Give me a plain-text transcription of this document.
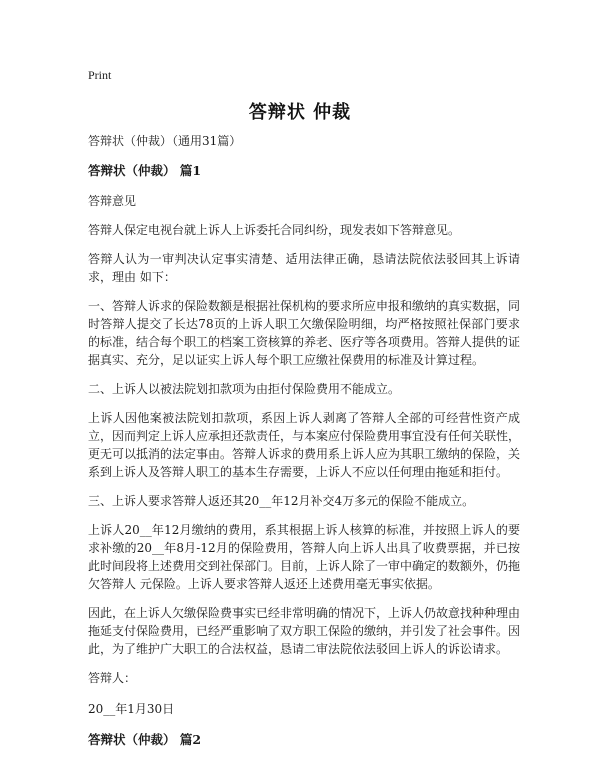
Print
答辩状 仲裁

答辩状（仲裁）（通用31篇）

答辩状（仲裁） 篇1

答辩意见

答辩人保定电视台就上诉人上诉委托合同纠纷，现发表如下答辩意见。

答辩人认为一审判决认定事实清楚、适用法律正确，恳请法院依法驳回其上诉请求，理由 如下：

一、答辩人诉求的保险数额是根据社保机构的要求所应申报和缴纳的真实数据，同时答辩人提交了长达78页的上诉人职工欠缴保险明细，均严格按照社保部门要求的标准，结合每个职工的档案工资核算的养老、医疗等各项费用。答辩人提供的证据真实、充分，足以证实上诉人每个职工应缴社保费用的标准及计算过程。

二、上诉人以被法院划扣款项为由拒付保险费用不能成立。

上诉人因他案被法院划扣款项，系因上诉人剥离了答辩人全部的可经营性资产成立，因而判定上诉人应承担还款责任，与本案应付保险费用事宜没有任何关联性，更无可以抵消的法定事由。答辩人诉求的费用系上诉人应为其职工缴纳的保险，关系到上诉人及答辩人职工的基本生存需要，上诉人不应以任何理由拖延和拒付。

三、上诉人要求答辩人返还其20__年12月补交4万多元的保险不能成立。

上诉人20__年12月缴纳的费用，系其根据上诉人核算的标准，并按照上诉人的要求补缴的20__年8月-12月的保险费用，答辩人向上诉人出具了收费票据，并已按此时间段将上述费用交到社保部门。目前，上诉人除了一审中确定的数额外，仍拖欠答辩人 元保险。上诉人要求答辩人返还上述费用毫无事实依据。

因此，在上诉人欠缴保险费事实已经非常明确的情况下，上诉人仍故意找种种理由拖延支付保险费用，已经严重影响了双方职工保险的缴纳，并引发了社会事件。因此，为了维护广大职工的合法权益，恳请二审法院依法驳回上诉人的诉讼请求。

答辩人：

20__年1月30日

答辩状（仲裁） 篇2
